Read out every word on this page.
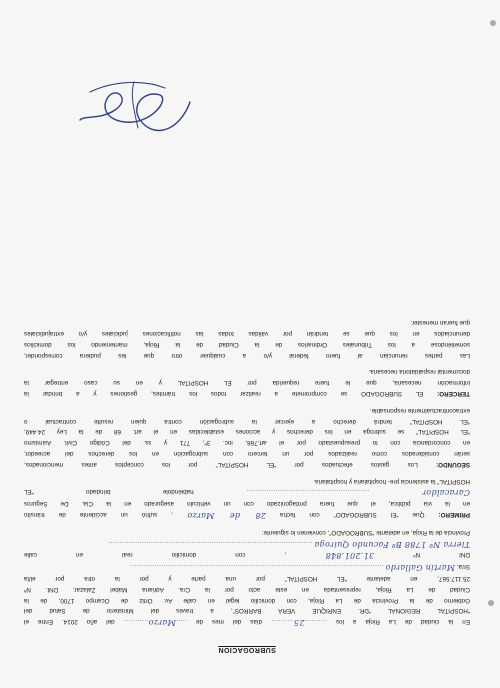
SUBROGACION
En la ciudad de La Rioja a los ..........25.......... días del mes de .....Marzo........... del año 2014. Entre el
“HOSPITAL REGIONAL “DR. ENRIQUE VERA BARROS”, a través del Ministerio de Salud del
Gobierno de la Provincia de La Rioja, con domicilio legal en calle Av. Ortiz de Ocampo 1700, de la
Ciudad de La Rioja, representada en este acto por la Cra. Adriana Mabel Zalazar, DNI. Nº
25.117.567, en adelante “EL HOSPITAL” por una parte y por la otra por el/la
Sr/a. Martín Gallardo .................................................................................................................
DNI Nº 31.201.848 , con domicilio real en calle
Tierra Nº 1788 Bº Facundo Quiroga ...........................................................................................
Provincia de la Rioja, en adelante “SUBROGADO”, convienen lo siguiente:
PRIMERO: Que “El SUBROGADO” con fecha 28 de Marzo , sufrió un accidente de tránsito
en la vía pública, el que fuera protagonizado con un vehículo asegurado en la Cía. De Seguros
Caracaldor ....................................................... habiéndole brindado “EL
HOSPITAL” la asistencia pre- hospitalaria y hospitalaria.
SEGUNDO: Los gastos efectuados por “EL HOSPITAL” por los conceptos antes mencionados,
serán considerados como realizados por un tercero con subrogación en los derechos del acreedor,
en concordancia con lo presupuestado por el art.768, inc. 3º, 771 y ss. del Código Civil. Asimismo
“EL HOSPITAL” se subroga en los derechos y acciones establecidas en el art. 68 de la Ley 24.449,
“EL HOSPITAL” tendrá derecho a ejercer la subrogación contra quien resulte contractual o
extracontractualmente responsable.
TERCERO: EL SUBROGADO se compromete a realizar todos los trámites, gestiones y a brindar la
información necesaria, que le fuere requerida por EL HOSPITAL y en su caso entregar la
documental respaldatoria necesaria.
Las partes renuncian al fuero federal y/o a cualquier otro que les pudiera corresponder,
sometiéndose a los Tribunales Ordinarios de la Ciudad de la Rioja, manteniendo los domicilios
denunciados en los que se tendrán por válidas todas las notificaciones judiciales y/o extrajudiciales
que fueran menester.
